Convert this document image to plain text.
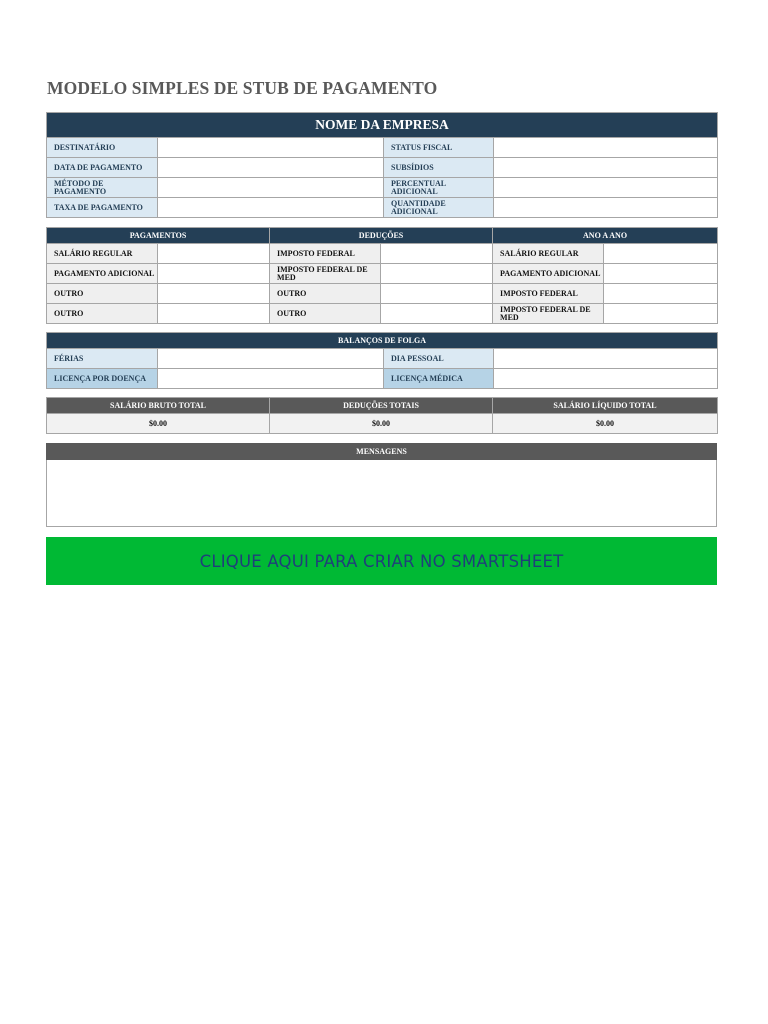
MODELO SIMPLES DE STUB DE PAGAMENTO
NOME DA EMPRESA			
DESTINATÁRIO		STATUS FISCAL	
DATA DE PAGAMENTO		SUBSÍDIOS	
MÉTODO DE PAGAMENTO		PERCENTUAL ADICIONAL	
TAXA DE PAGAMENTO		QUANTIDADE ADICIONAL	
PAGAMENTOS		DEDUÇÕES		ANO A ANO	
SALÁRIO REGULAR		IMPOSTO FEDERAL		SALÁRIO REGULAR	
PAGAMENTO ADICIONAL		IMPOSTO FEDERAL DE MED		PAGAMENTO ADICIONAL	
OUTRO		OUTRO		IMPOSTO FEDERAL	
OUTRO		OUTRO		IMPOSTO FEDERAL DE MED	
BALANÇOS DE FOLGA			
FÉRIAS		DIA PESSOAL	
LICENÇA POR DOENÇA		LICENÇA MÉDICA	
SALÁRIO BRUTO TOTAL	DEDUÇÕES TOTAIS	SALÁRIO LÍQUIDO TOTAL
$0.00	$0.00	$0.00
MENSAGENS
CLIQUE AQUI PARA CRIAR NO SMARTSHEET
